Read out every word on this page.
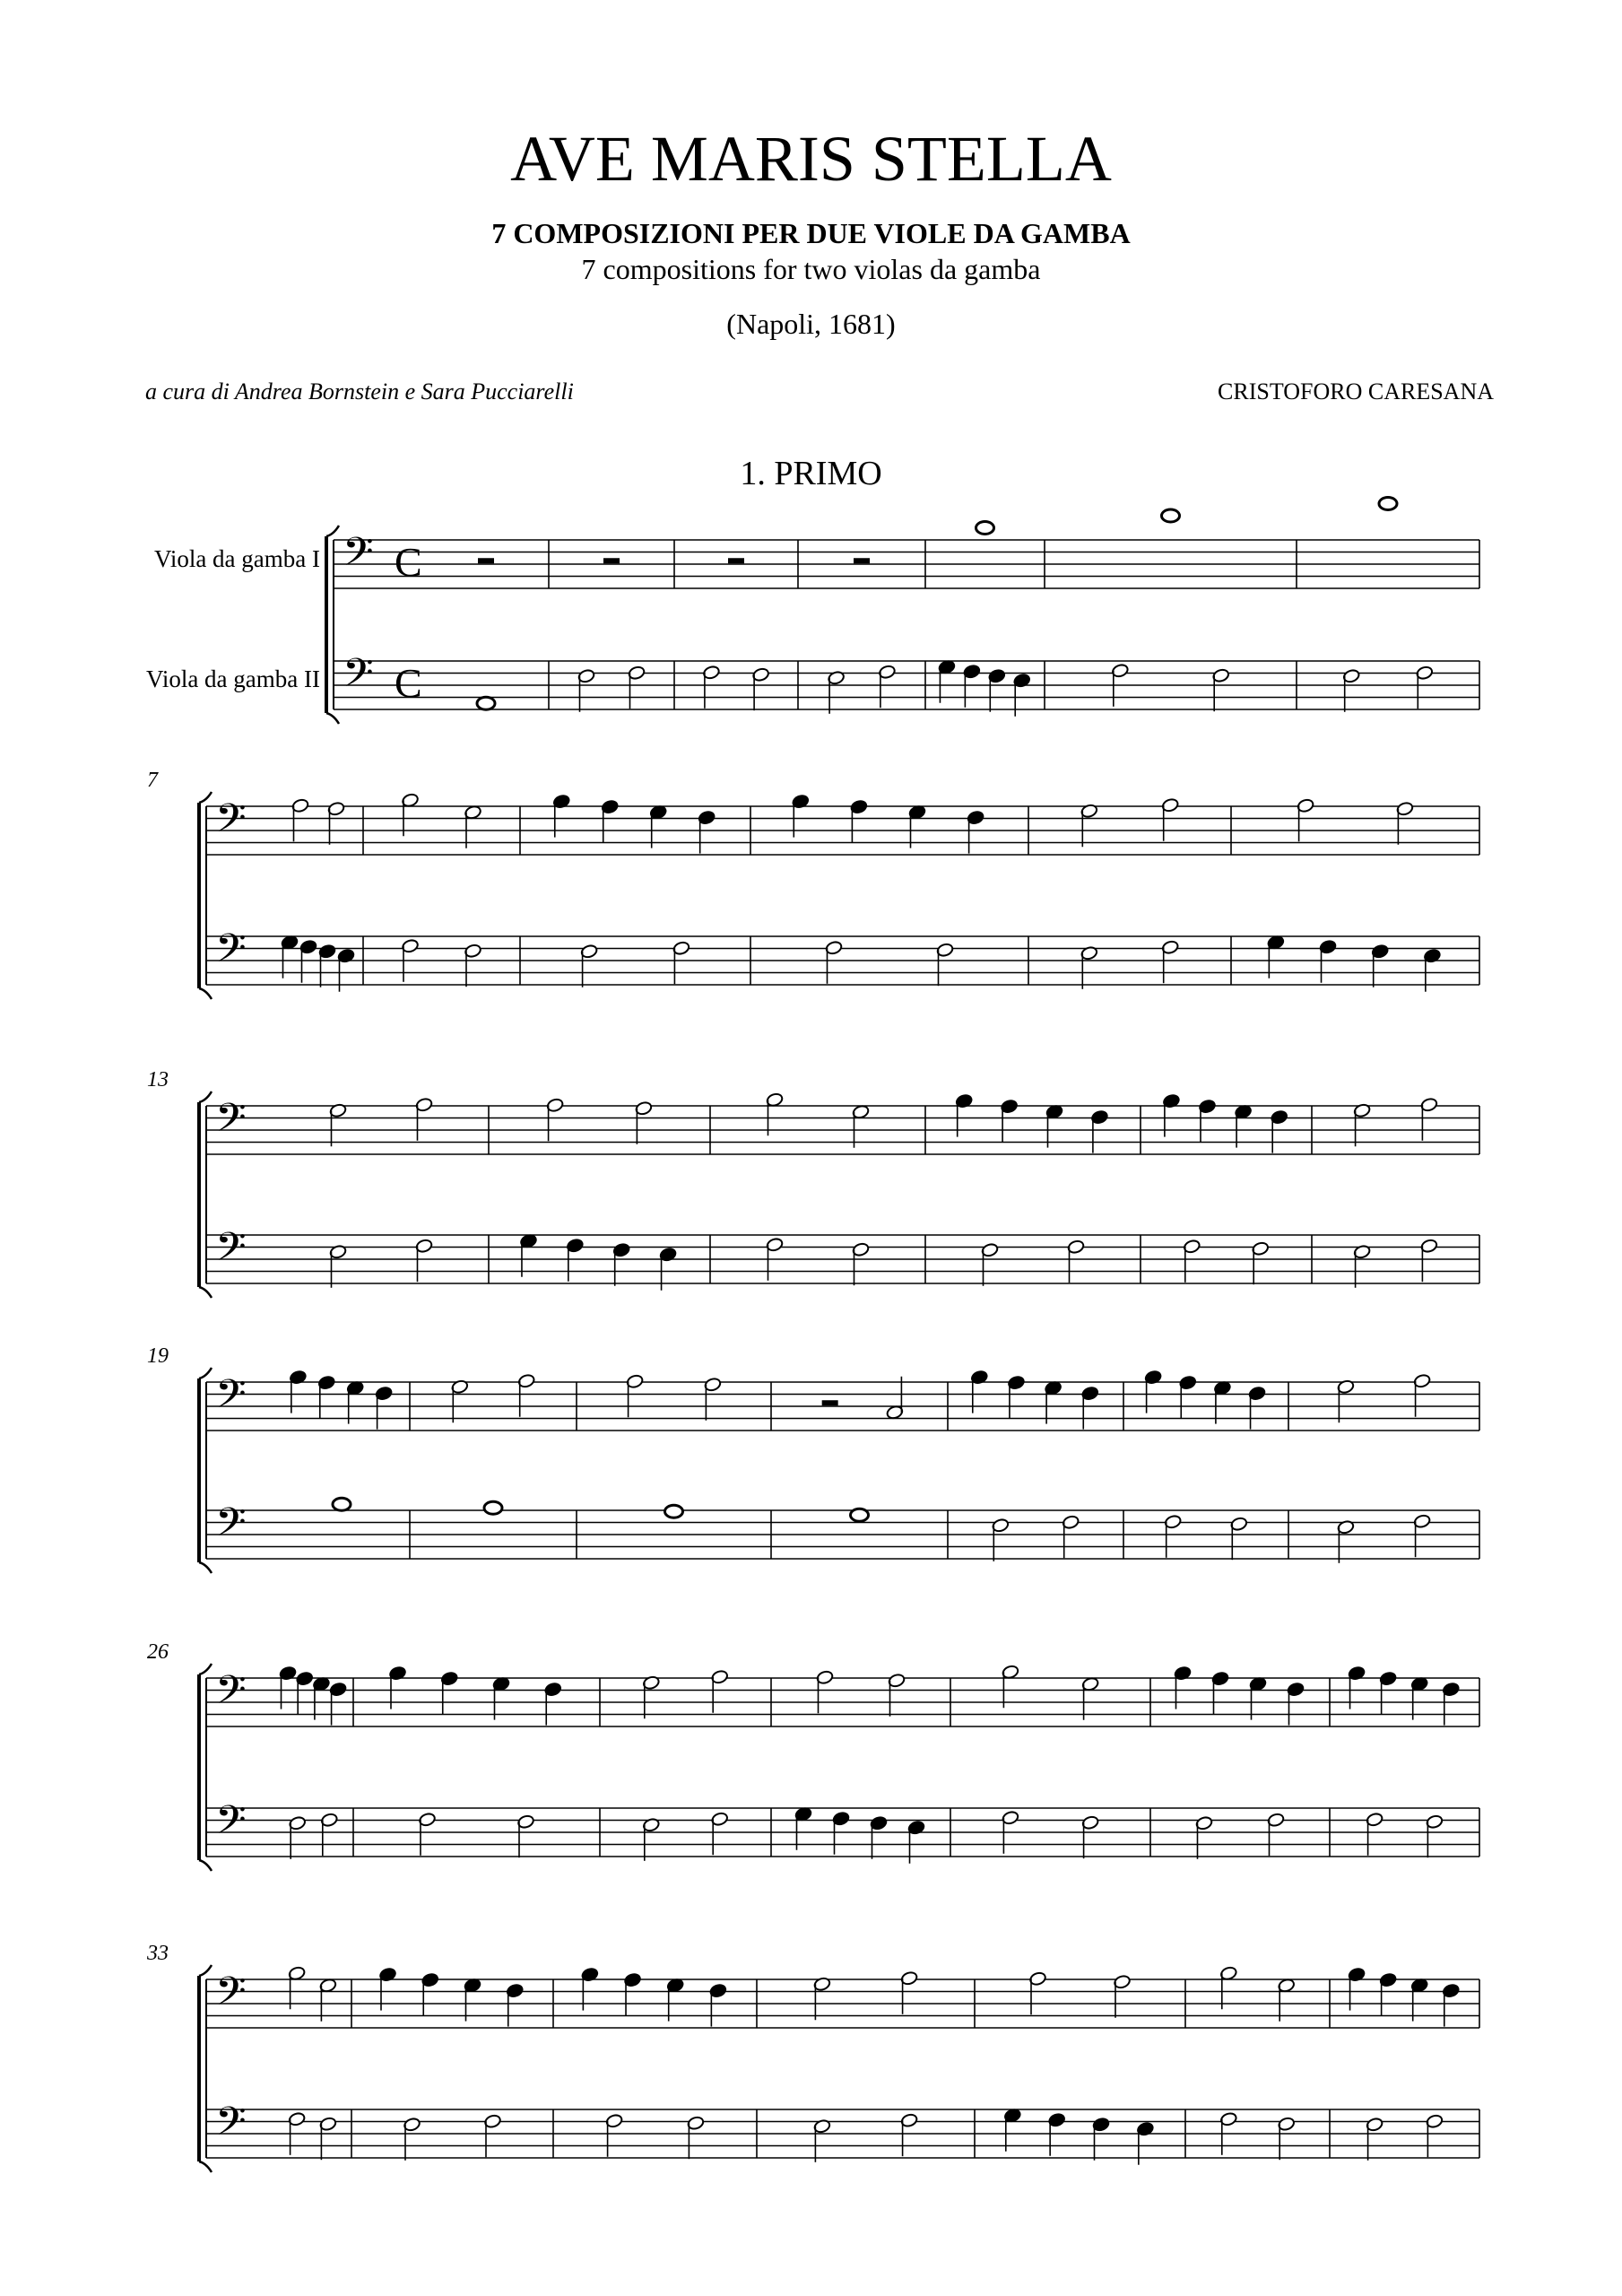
AVE MARIS STELLA
7 COMPOSIZIONI PER DUE VIOLE DA GAMBA
7 compositions for two violas da gamba
(Napoli, 1681)
a cura di Andrea Bornstein e Sara Pucciarelli	CRISTOFORO CARESANA
1. PRIMO
Viola da gamba I
Viola da gamba II
𝄢
𝄢
C
C
𝄢
𝄢
7
𝄢
𝄢
13
𝄢
𝄢
19
𝄢
𝄢
26
𝄢
𝄢
33
